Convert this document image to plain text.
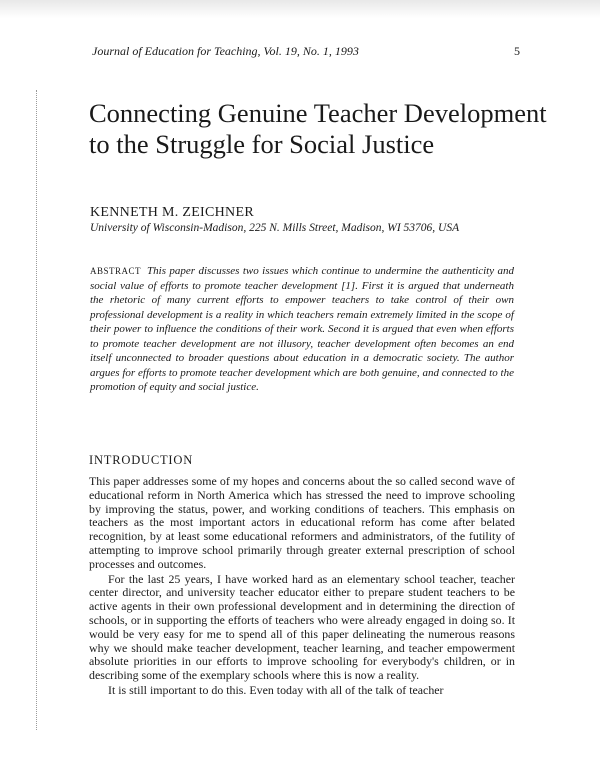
Journal of Education for Teaching, Vol. 19, No. 1, 1993	5
Connecting Genuine Teacher Development to the Struggle for Social Justice
KENNETH M. ZEICHNER
University of Wisconsin-Madison, 225 N. Mills Street, Madison, WI 53706, USA

ABSTRACT This paper discusses two issues which continue to undermine the authenticity and social value of efforts to promote teacher development [1]. First it is argued that underneath the rhetoric of many current efforts to empower teachers to take control of their own professional development is a reality in which teachers remain extremely limited in the scope of their power to influence the conditions of their work. Second it is argued that even when efforts to promote teacher development are not illusory, teacher development often becomes an end itself unconnected to broader questions about education in a democratic society. The author argues for efforts to promote teacher development which are both genuine, and connected to the promotion of equity and social justice.

INTRODUCTION

This paper addresses some of my hopes and concerns about the so called second wave of educational reform in North America which has stressed the need to improve schooling by improving the status, power, and working conditions of teachers. This emphasis on teachers as the most important actors in educational reform has come after belated recognition, by at least some educational reformers and administrators, of the futility of attempting to improve school primarily through greater external prescription of school processes and outcomes.

For the last 25 years, I have worked hard as an elementary school teacher, teacher center director, and university teacher educator either to prepare student teachers to be active agents in their own professional development and in determining the direction of schools, or in supporting the efforts of teachers who were already engaged in doing so. It would be very easy for me to spend all of this paper delineating the numerous reasons why we should make teacher development, teacher learning, and teacher empowerment absolute priorities in our efforts to improve schooling for everybody's children, or in describing some of the exemplary schools where this is now a reality.

It is still important to do this. Even today with all of the talk of teacher
